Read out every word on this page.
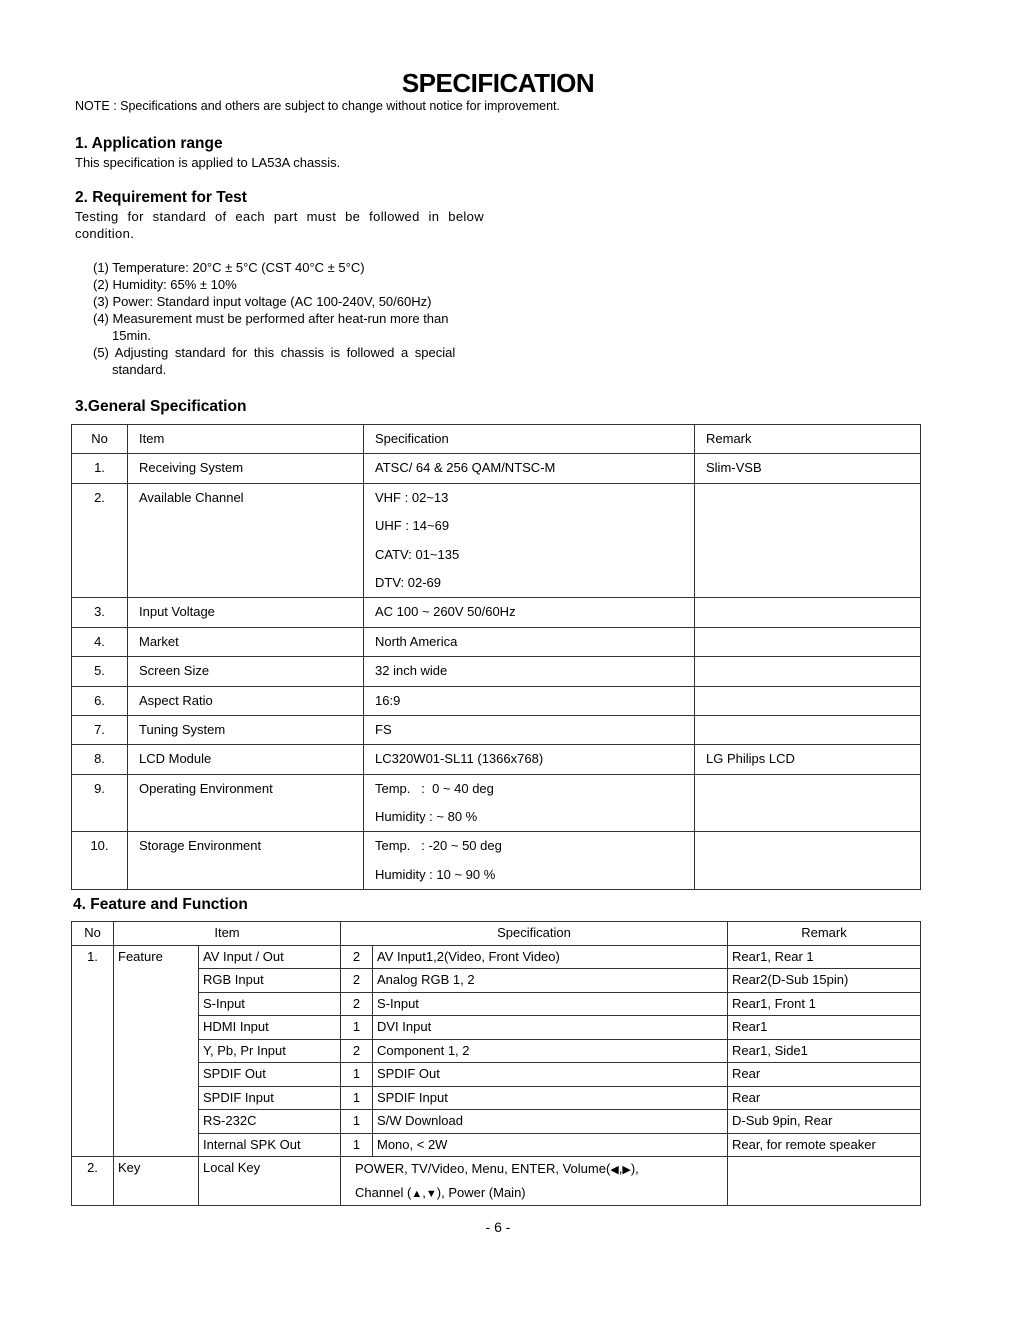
SPECIFICATION
NOTE : Specifications and others are subject to change without notice for improvement.
1. Application range
This specification is applied to LA53A chassis.
2. Requirement for Test
Testing for standard of each part must be followed in below condition.
(1) Temperature: 20°C ± 5°C (CST 40°C ± 5°C)
(2) Humidity: 65% ± 10%
(3) Power: Standard input voltage (AC 100-240V, 50/60Hz)
(4) Measurement must be performed after heat-run more than
15min.
(5) Adjusting standard for this chassis is followed a special
standard.
3.General Specification
No	Item	Specification	Remark

1.	Receiving System	ATSC/ 64 & 256 QAM/NTSC-M	Slim-VSB

2.	Available Channel	VHF : 02~13
UHF : 14~69
CATV: 01~135
DTV: 02-69	

3.	Input Voltage	AC 100 ~ 260V 50/60Hz	

4.	Market	North America	

5.	Screen Size	32 inch wide	

6.	Aspect Ratio	16:9	

7.	Tuning System	FS	

8.	LCD Module	LC320W01-SL11 (1366x768)	LG Philips LCD

9.	Operating Environment	Temp.   :  0 ~ 40 deg
Humidity : ~ 80 %	

10.	Storage Environment	Temp.   : -20 ~ 50 deg
Humidity : 10 ~ 90 %	

4. Feature and Function
No	Item		Specification		Remark
1.	Feature	AV Input / Out	2	AV Input1,2(Video, Front Video)	Rear1, Rear 1
		RGB Input	2	Analog RGB 1, 2	Rear2(D-Sub 15pin)
		S-Input	2	S-Input	Rear1, Front 1
		HDMI Input	1	DVI Input	Rear1
		Y, Pb, Pr Input	2	Component 1, 2	Rear1, Side1
		SPDIF Out	1	SPDIF Out	Rear
		SPDIF Input	1	SPDIF Input	Rear
		RS-232C	1	S/W Download	D-Sub 9pin, Rear
		Internal SPK Out	1	Mono, < 2W	Rear, for remote speaker
2.	Key	Local Key	POWER, TV/Video, Menu, ENTER, Volume(◀,▶),
Channel (▲,▼), Power (Main)		

- 6 -
